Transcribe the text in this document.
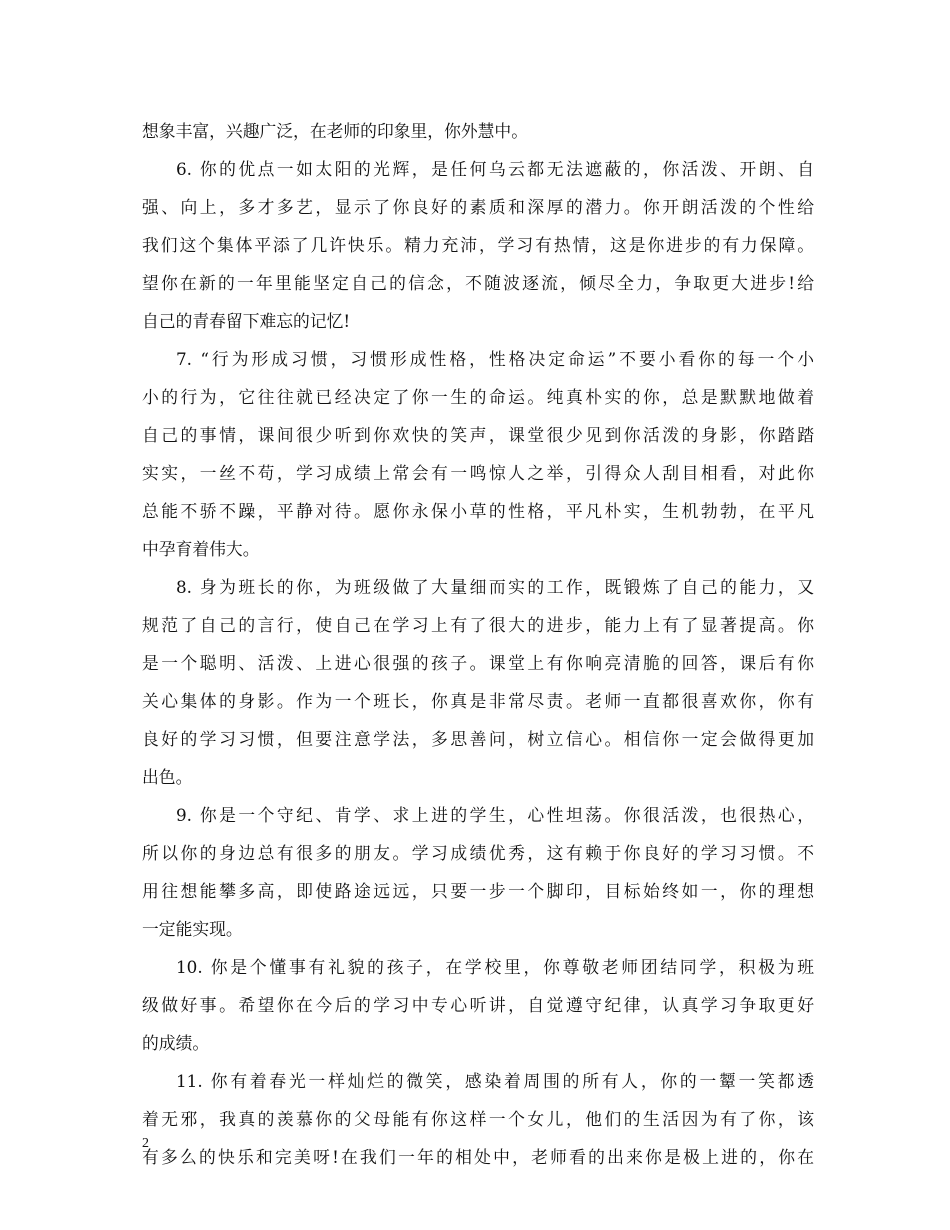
想象丰富，兴趣广泛，在老师的印象里，你外慧中。
6. 你的优点一如太阳的光辉，是任何乌云都无法遮蔽的，你活泼、开朗、自
强、向上，多才多艺，显示了你良好的素质和深厚的潜力。你开朗活泼的个性给
我们这个集体平添了几许快乐。精力充沛，学习有热情，这是你进步的有力保障。
望你在新的一年里能坚定自己的信念，不随波逐流，倾尽全力，争取更大进步!给
自己的青春留下难忘的记忆!
7. “行为形成习惯，习惯形成性格，性格决定命运”不要小看你的每一个小
小的行为，它往往就已经决定了你一生的命运。纯真朴实的你，总是默默地做着
自己的事情，课间很少听到你欢快的笑声，课堂很少见到你活泼的身影，你踏踏
实实，一丝不苟，学习成绩上常会有一鸣惊人之举，引得众人刮目相看，对此你
总能不骄不躁，平静对待。愿你永保小草的性格，平凡朴实，生机勃勃，在平凡
中孕育着伟大。
8. 身为班长的你，为班级做了大量细而实的工作，既锻炼了自己的能力，又
规范了自己的言行，使自己在学习上有了很大的进步，能力上有了显著提高。你
是一个聪明、活泼、上进心很强的孩子。课堂上有你响亮清脆的回答，课后有你
关心集体的身影。作为一个班长，你真是非常尽责。老师一直都很喜欢你，你有
良好的学习习惯，但要注意学法，多思善问，树立信心。相信你一定会做得更加
出色。
9. 你是一个守纪、肯学、求上进的学生，心性坦荡。你很活泼，也很热心，
所以你的身边总有很多的朋友。学习成绩优秀，这有赖于你良好的学习习惯。不
用往想能攀多高，即使路途远远，只要一步一个脚印，目标始终如一，你的理想
一定能实现。
10. 你是个懂事有礼貌的孩子，在学校里，你尊敬老师团结同学，积极为班
级做好事。希望你在今后的学习中专心听讲，自觉遵守纪律，认真学习争取更好
的成绩。
11. 你有着春光一样灿烂的微笑，感染着周围的所有人，你的一颦一笑都透
着无邪，我真的羡慕你的父母能有你这样一个女儿，他们的生活因为有了你，该
有多么的快乐和完美呀!在我们一年的相处中，老师看的出来你是极上进的，你在
2
